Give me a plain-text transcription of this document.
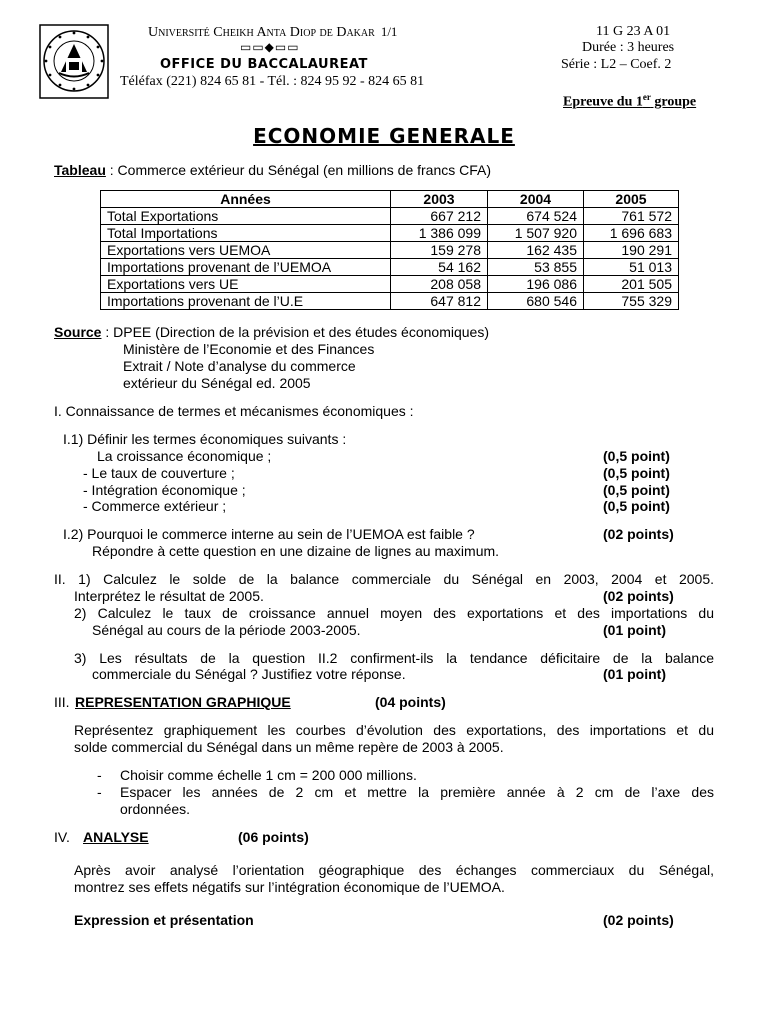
Université Cheikh Anta Diop de Dakar 1/1
▭▭◆▭▭
OFFICE DU BACCALAUREAT
Téléfax (221) 824 65 81 - Tél. : 824 95 92 - 824 65 81
11 G 23 A 01
Durée : 3 heures
Série : L2 – Coef. 2
Epreuve du 1er groupe
ECONOMIE GENERALE
Tableau : Commerce extérieur du Sénégal (en millions de francs CFA)
Années	2003	2004	2005
Total Exportations	667 212	674 524	761 572
Total Importations	1 386 099	1 507 920	1 696 683
Exportations vers UEMOA	159 278	162 435	190 291
Importations provenant de l’UEMOA	54 162	53 855	51 013
Exportations vers UE	208 058	196 086	201 505
Importations provenant de l’U.E	647 812	680 546	755 329
Source : DPEE (Direction de la prévision et des études économiques)
Ministère de l’Economie et des Finances
Extrait / Note d’analyse du commerce
extérieur du Sénégal ed. 2005
I. Connaissance de termes et mécanismes économiques :
I.1) Définir les termes économiques suivants :
La croissance économique ;	(0,5 point)
- Le taux de couverture ;	(0,5 point)
- Intégration économique ;	(0,5 point)
- Commerce extérieur ;	(0,5 point)
I.2) Pourquoi le commerce interne au sein de l’UEMOA est faible ?	(02 points)
Répondre à cette question en une dizaine de lignes au maximum.
II. 1) Calculez le solde de la balance commerciale du Sénégal en 2003, 2004 et 2005.
Interprétez le résultat de 2005.	(02 points)
2) Calculez le taux de croissance annuel moyen des exportations et des importations du
Sénégal au cours de la période 2003-2005.	(01 point)
3) Les résultats de la question II.2 confirment-ils la tendance déficitaire de la balance
commerciale du Sénégal ? Justifiez votre réponse.	(01 point)
III. REPRESENTATION GRAPHIQUE	(04 points)
Représentez graphiquement les courbes d’évolution des exportations, des importations et du
solde commercial du Sénégal dans un même repère de 2003 à 2005.
- Choisir comme échelle 1 cm = 200 000 millions.
- Espacer les années de 2 cm et mettre la première année à 2 cm de l’axe des
ordonnées.
IV. ANALYSE	(06 points)
Après avoir analysé l’orientation géographique des échanges commerciaux du Sénégal,
montrez ses effets négatifs sur l’intégration économique de l’UEMOA.
Expression et présentation	(02 points)
